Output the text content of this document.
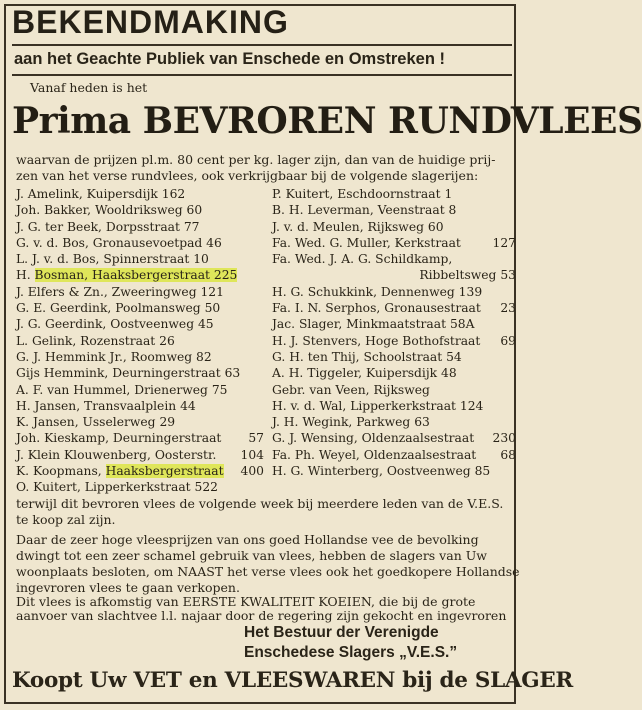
BEKENDMAKING
aan het Geachte Publiek van Enschede en Omstreken !
Vanaf heden is het
Prima BEVROREN RUNDVLEES
waarvan de prijzen pl.m. 80 cent per kg. lager zijn, dan van de huidige prij-
zen van het verse rundvlees, ook verkrijgbaar bij de volgende slagerijen:
J. Amelink, Kuipersdijk 162
Joh. Bakker, Wooldriksweg 60
J. G. ter Beek, Dorpsstraat 77
G. v. d. Bos, Gronausevoetpad 46
L. J. v. d. Bos, Spinnerstraat 10
H. Bosman, Haaksbergerstraat 225
J. Elfers & Zn., Zweeringweg 121
G. E. Geerdink, Poolmansweg 50
J. G. Geerdink, Oostveenweg 45
L. Gelink, Rozenstraat 26
G. J. Hemmink Jr., Roomweg 82
Gijs Hemmink, Deurningerstraat 63
A. F. van Hummel, Drienerweg 75
H. Jansen, Transvaalplein 44
K. Jansen, Usselerweg 29
Joh. Kieskamp, Deurningerstraat 57
J. Klein Klouwenberg, Oosterstr. 104
K. Koopmans, Haaksbergerstraat 400
O. Kuitert, Lipperkerkstraat 522
P. Kuitert, Eschdoornstraat 1
B. H. Leverman, Veenstraat 8
J. v. d. Meulen, Rijksweg 60
Fa. Wed. G. Muller, Kerkstraat	127
Fa. Wed. J. A. G. Schildkamp,
Ribbeltsweg 53
H. G. Schukkink, Dennenweg 139
Fa. I. N. Serphos, Gronausestraat 23
Jac. Slager, Minkmaatstraat 58A
H. J. Stenvers, Hoge Bothofstraat 69
G. H. ten Thij, Schoolstraat 54
A. H. Tiggeler, Kuipersdijk 48
Gebr. van Veen, Rijksweg
H. v. d. Wal, Lipperkerkstraat 124
J. H. Wegink, Parkweg 63
G. J. Wensing, Oldenzaalsestraat 230
Fa. Ph. Weyel, Oldenzaalsestraat 68
H. G. Winterberg, Oostveenweg 85
terwijl dit bevroren vlees de volgende week bij meerdere leden van de V.E.S.
te koop zal zijn.
Daar de zeer hoge vleesprijzen van ons goed Hollandse vee de bevolking
dwingt tot een zeer schamel gebruik van vlees, hebben de slagers van Uw
woonplaats besloten, om NAAST het verse vlees ook het goedkopere Hollandse
ingevroren vlees te gaan verkopen.
Dit vlees is afkomstig van EERSTE KWALITEIT KOEIEN, die bij de grote
aanvoer van slachtvee l.l. najaar door de regering zijn gekocht en ingevroren
Het Bestuur der Verenigde
Koopt Uw VET en VLEESWAREN bij de SLAGER
Enschedese Slagers „V.E.S.”
